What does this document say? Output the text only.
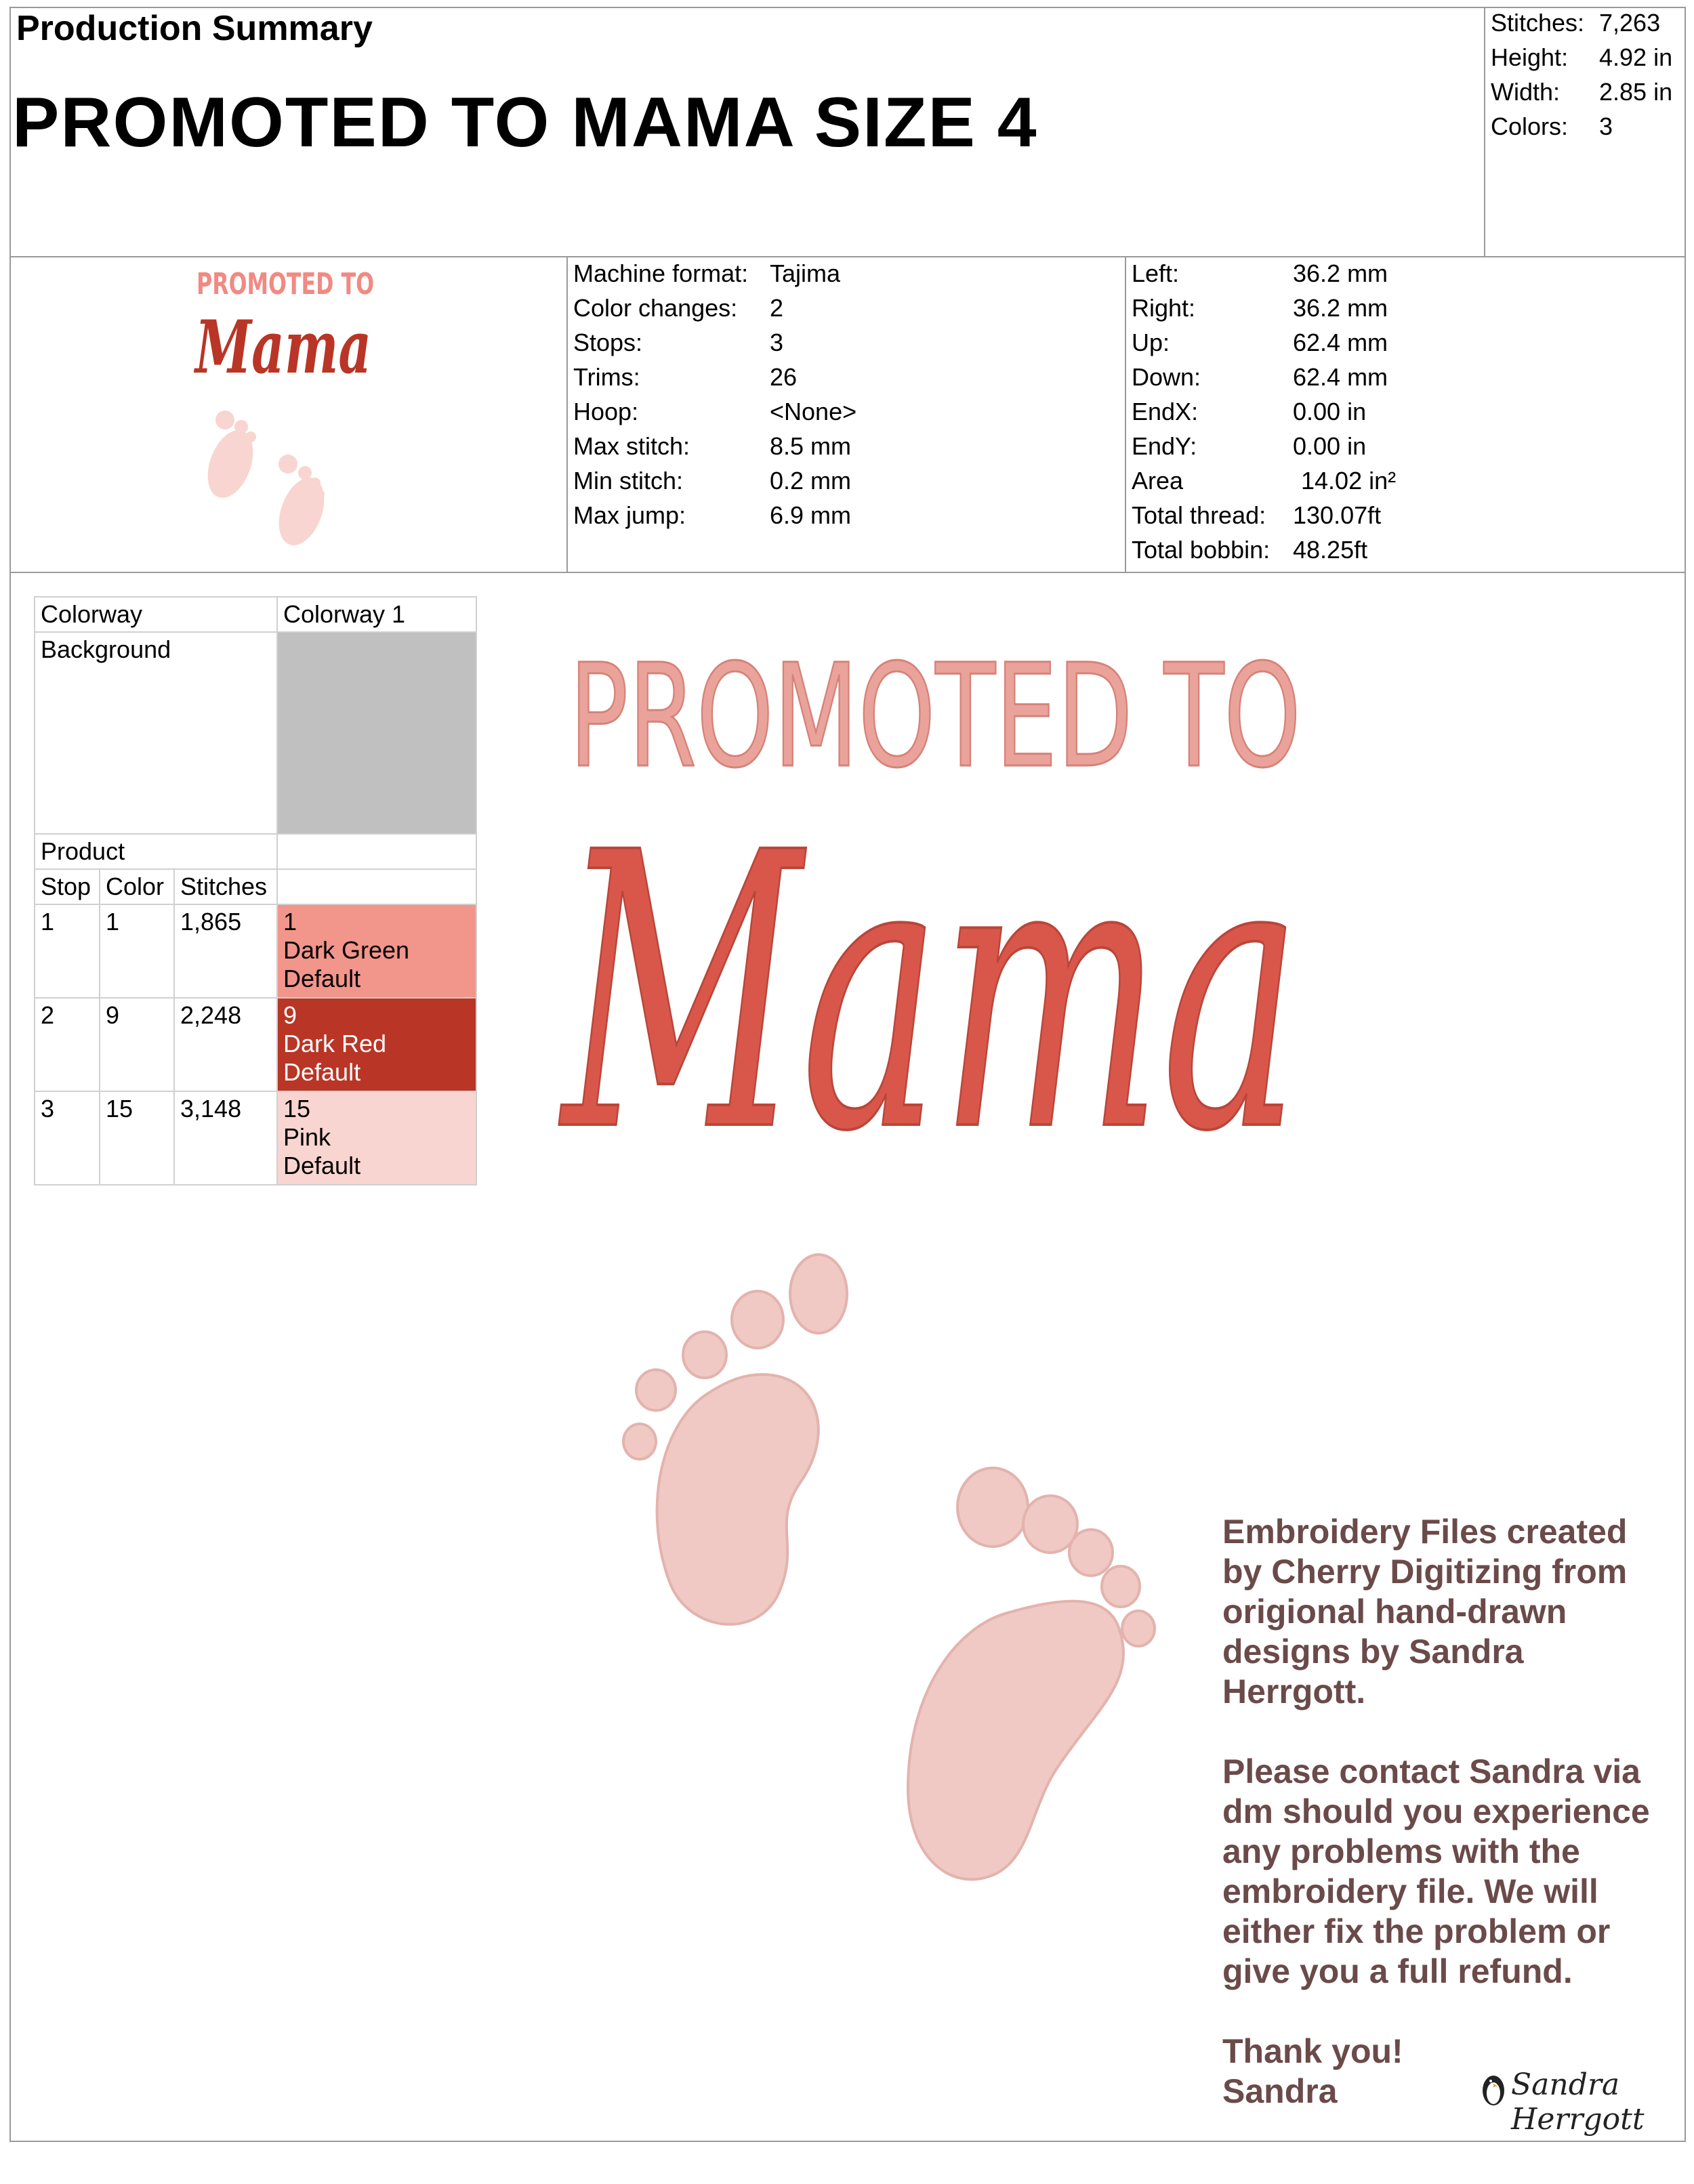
Production Summary
PROMOTED TO MAMA SIZE 4
Stitches: 7,263
Height: 4.92 in
Width: 2.85 in
Colors: 3
PROMOTED TO
Mama
Machine format: Tajima
Color changes: 2
Stops:	3
Trims:	26
Hoop:	<None>
Max stitch:	8.5 mm
Min stitch:	0.2 mm
Max jump:	6.9 mm
Left:	36.2 mm
Right:	36.2 mm
Up:	62.4 mm
Down:	62.4 mm
EndX:	0.00 in
EndY:	0.00 in
Area	14.02 in²
Total thread: 130.07ft
Total bobbin: 48.25ft
Colorway			Colorway 1
Background			
Product			
Stop	Color	Stitches	
1	1	1,865	1
Dark Green
Default

2	9	2,248	9
Dark Red
Default

3	15	3,148	15
Pink
Default
PROMOTED TO
Mama

Embroidery Files created by Cherry Digitizing from origional hand-drawn designs by Sandra Herrgott.

Please contact Sandra via dm should you experience any problems with the embroidery file. We will either fix the problem or give you a full refund.

Thank you!
Sandra	Sandra Herrgott
